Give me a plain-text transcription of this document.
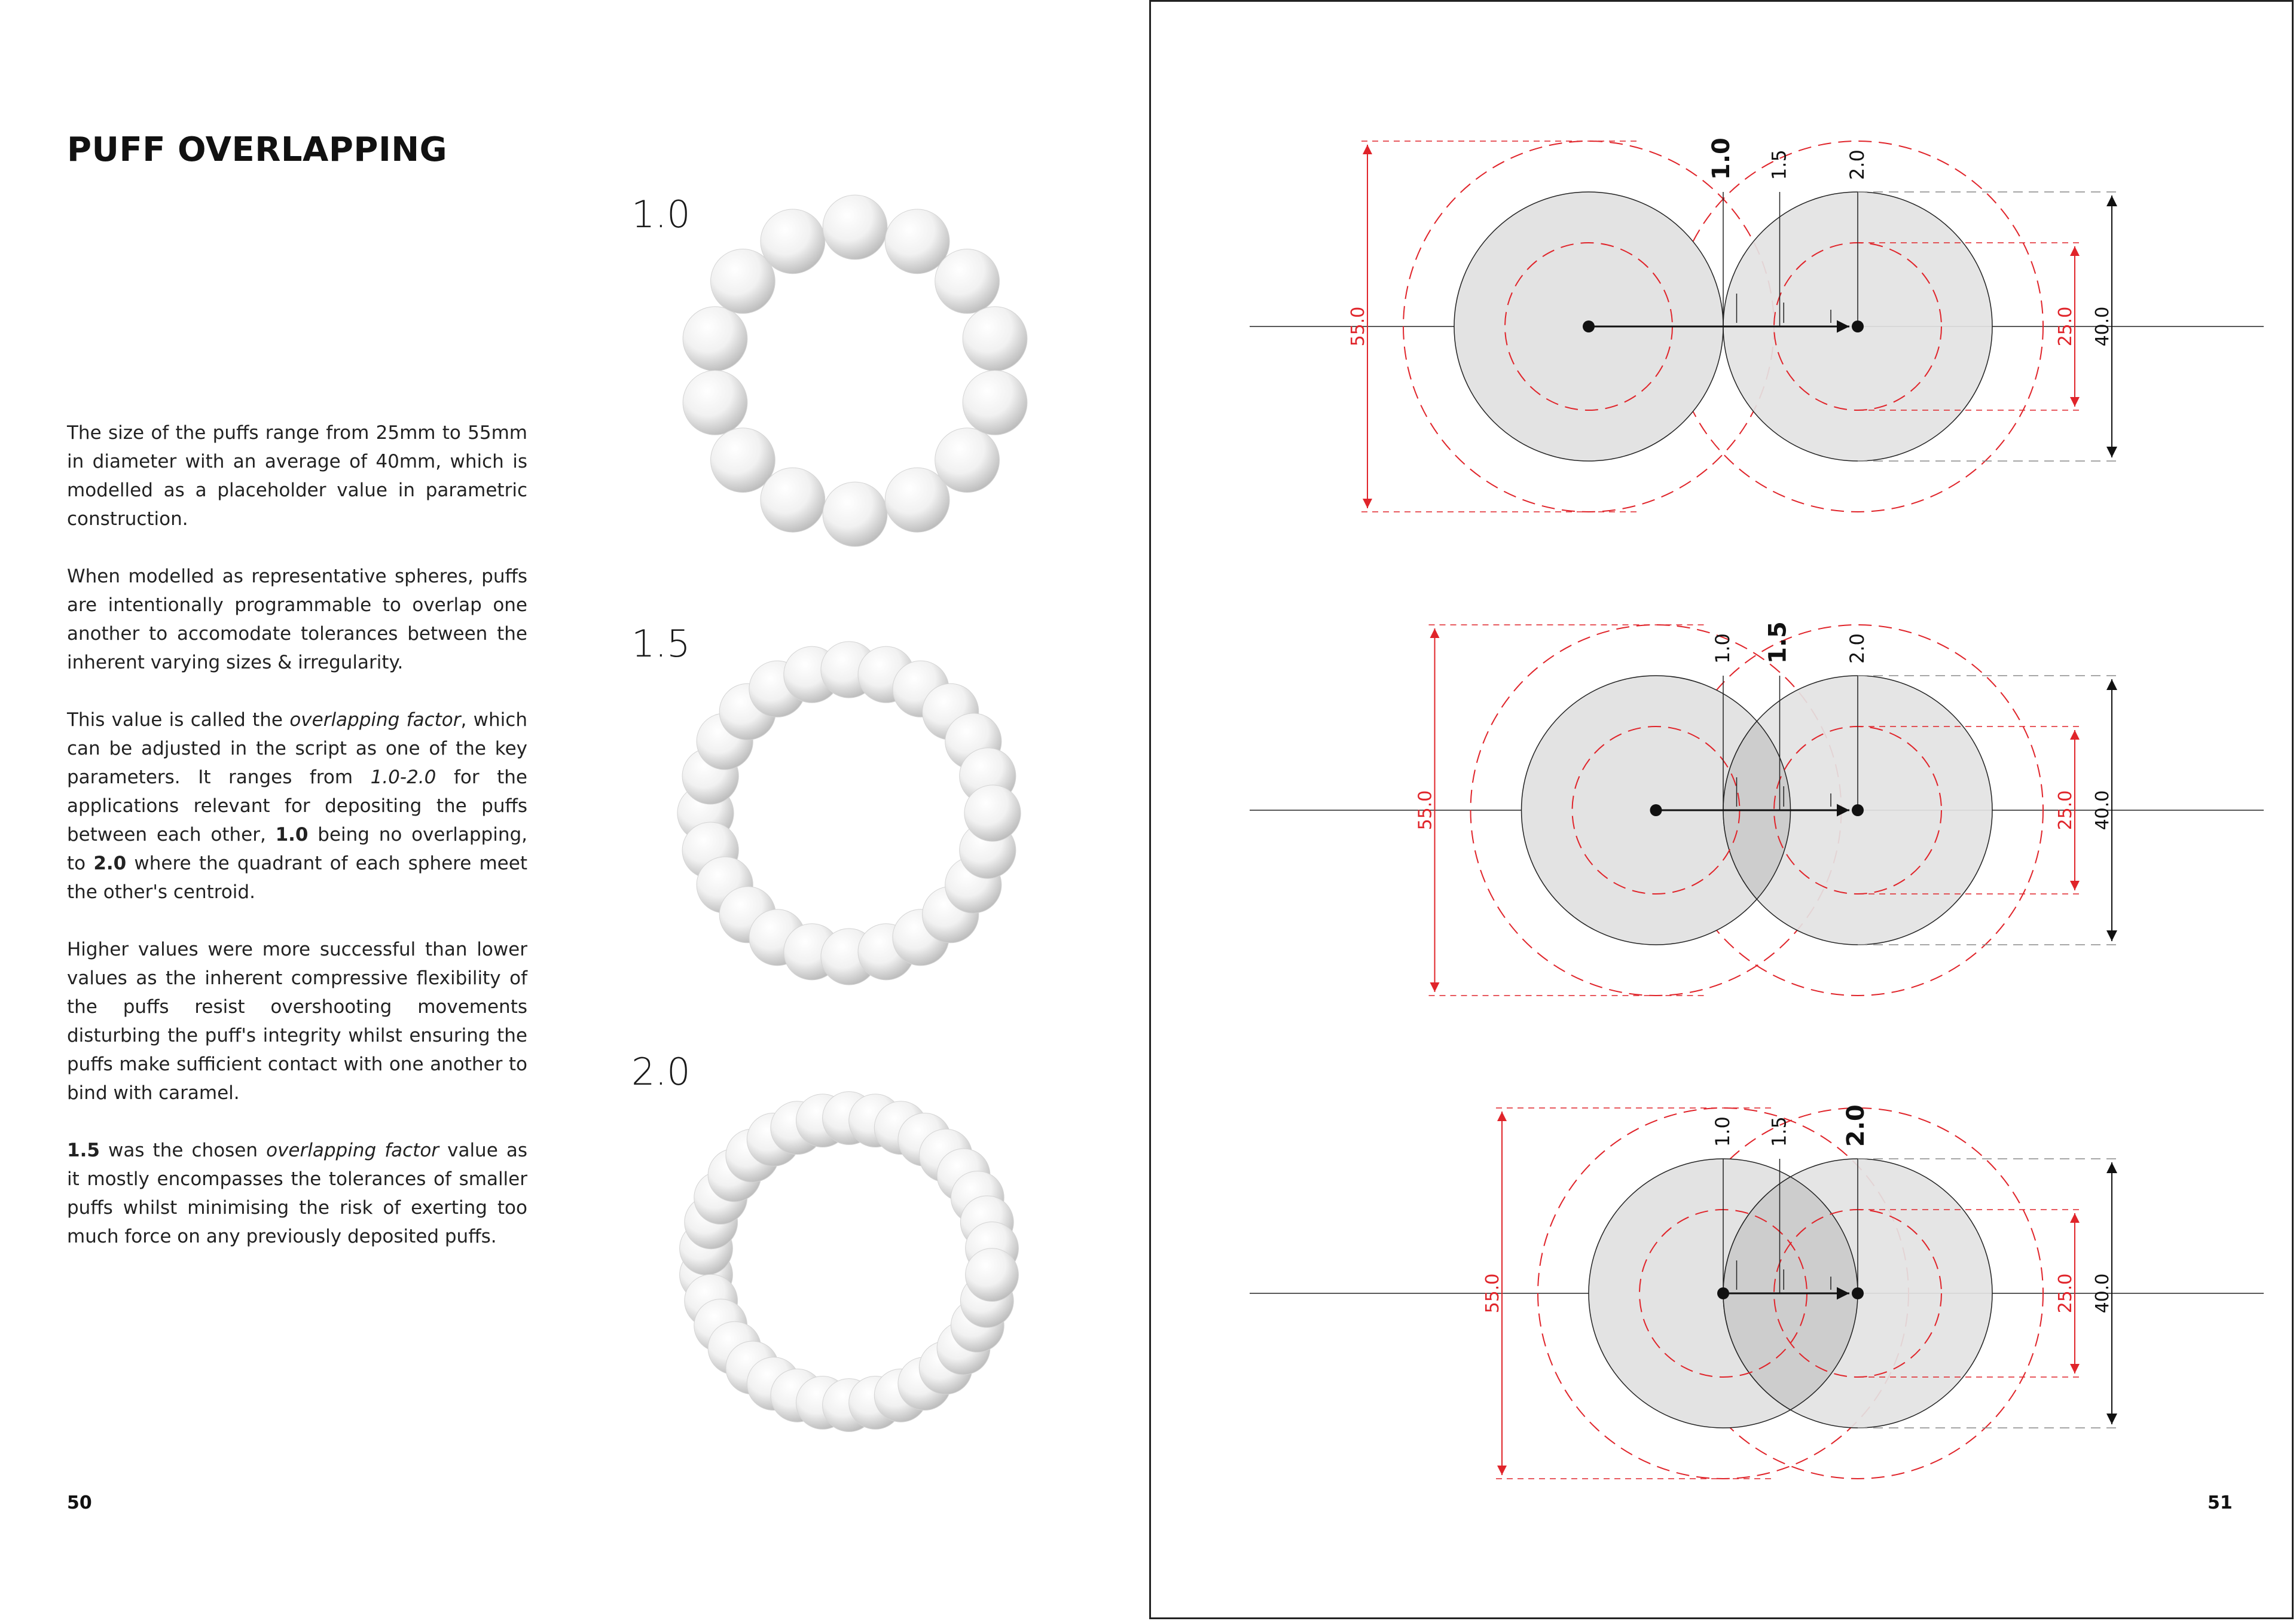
PUFF OVERLAPPING

The size of the puffs range from 25mm to 55mm in diameter with an average of 40mm, which is modelled as a placeholder value in parametric construction.

When modelled as representative spheres, puffs are intentionally programmable to overlap one another to accomodate tolerances between the inherent varying sizes & irregularity.

This value is called the overlapping factor, which can be adjusted in the script as one of the key parameters. It ranges from 1.0-2.0 for the applications relevant for depositing the puffs between each other, 1.0 being no overlapping, to 2.0 where the quadrant of each sphere meet the other's centroid.

Higher values were more successful than lower values as the inherent compressive flexibility of the puffs resist overshooting movements disturbing the puff's integrity whilst ensuring the puffs make sufficient contact with one another to bind with caramel.

1.5 was the chosen overlapping factor value as it mostly encompasses the tolerances of smaller puffs whilst minimising the risk of exerting too much force on any previously deposited puffs.

50
1.0
1.5
2.0
51
1.0 1.5	2.0
40.0
25.0
55.0
1.0 1.5	2.0
40.0
25.0
55.0
1.0 1.5 2.0
40.0
25.0
55.0
